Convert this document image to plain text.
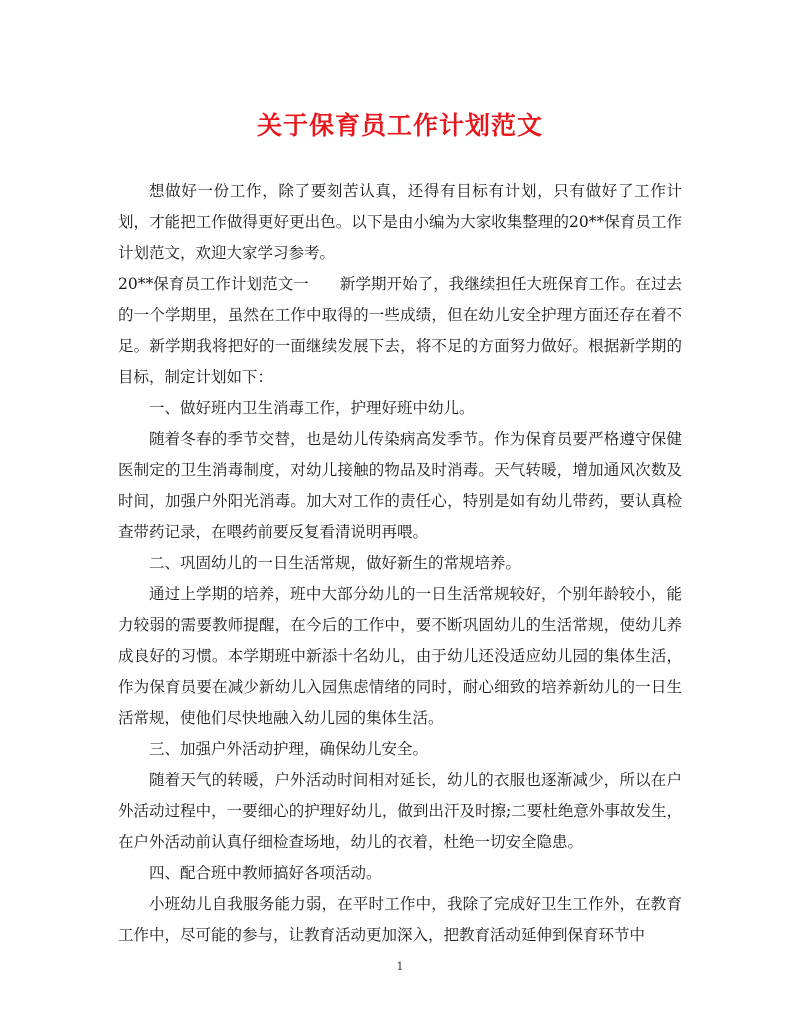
关于保育员工作计划范文

想做好一份工作，除了要刻苦认真，还得有目标有计划，只有做好了工作计划，才能把工作做得更好更出色。以下是由小编为大家收集整理的20**保育员工作计划范文，欢迎大家学习参考。

20**保育员工作计划范文一　　新学期开始了，我继续担任大班保育工作。在过去的一个学期里，虽然在工作中取得的一些成绩，但在幼儿安全护理方面还存在着不足。新学期我将把好的一面继续发展下去，将不足的方面努力做好。根据新学期的目标，制定计划如下：

一、做好班内卫生消毒工作，护理好班中幼儿。

随着冬春的季节交替，也是幼儿传染病高发季节。作为保育员要严格遵守保健医制定的卫生消毒制度，对幼儿接触的物品及时消毒。天气转暖，增加通风次数及时间，加强户外阳光消毒。加大对工作的责任心，特别是如有幼儿带药，要认真检查带药记录，在喂药前要反复看清说明再喂。

二、巩固幼儿的一日生活常规，做好新生的常规培养。

通过上学期的培养，班中大部分幼儿的一日生活常规较好，个别年龄较小，能力较弱的需要教师提醒，在今后的工作中，要不断巩固幼儿的生活常规，使幼儿养成良好的习惯。本学期班中新添十名幼儿，由于幼儿还没适应幼儿园的集体生活，作为保育员要在减少新幼儿入园焦虑情绪的同时，耐心细致的培养新幼儿的一日生活常规，使他们尽快地融入幼儿园的集体生活。

三、加强户外活动护理，确保幼儿安全。

随着天气的转暖，户外活动时间相对延长，幼儿的衣服也逐渐减少，所以在户外活动过程中，一要细心的护理好幼儿，做到出汗及时擦;二要杜绝意外事故发生，在户外活动前认真仔细检查场地，幼儿的衣着，杜绝一切安全隐患。

四、配合班中教师搞好各项活动。

小班幼儿自我服务能力弱，在平时工作中，我除了完成好卫生工作外，在教育工作中，尽可能的参与，让教育活动更加深入，把教育活动延伸到保育环节中

1
